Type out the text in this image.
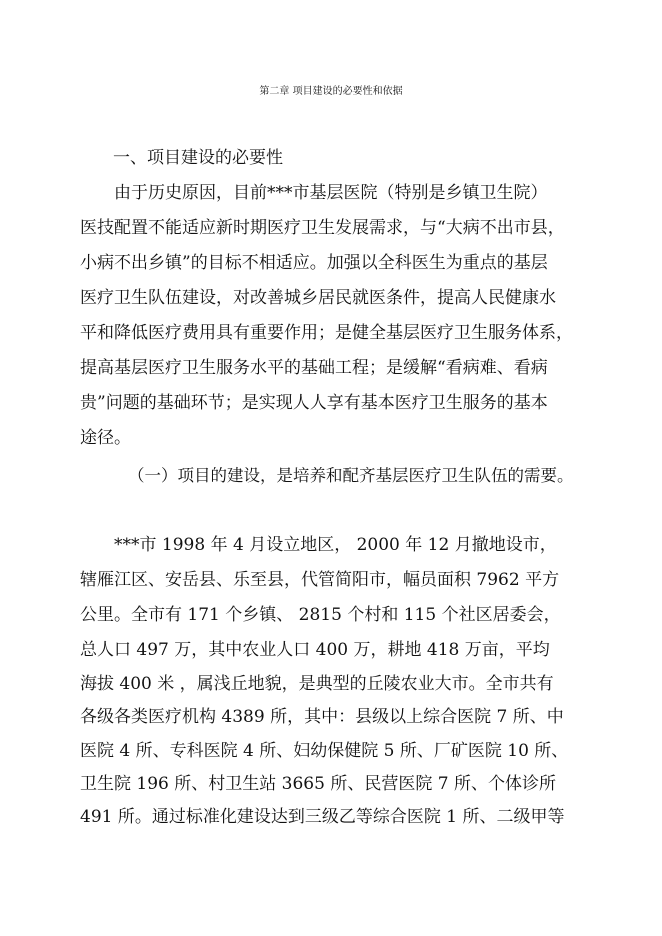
第二章 项目建设的必要性和依据
一、项目建设的必要性
由于历史原因，目前***市基层医院（特别是乡镇卫生院）
医技配置不能适应新时期医疗卫生发展需求，与“大病不出市县，
小病不出乡镇”的目标不相适应。加强以全科医生为重点的基层
医疗卫生队伍建设，对改善城乡居民就医条件，提高人民健康水
平和降低医疗费用具有重要作用；是健全基层医疗卫生服务体系，
提高基层医疗卫生服务水平的基础工程；是缓解“看病难、看病
贵”问题的基础环节；是实现人人享有基本医疗卫生服务的基本
途径。
（一）项目的建设，是培养和配齐基层医疗卫生队伍的需要。
***市 1998 年 4 月设立地区， 2000 年 12 月撤地设市，
辖雁江区、安岳县、乐至县，代管简阳市，幅员面积 7962 平方
公里。全市有 171 个乡镇、 2815 个村和 115 个社区居委会，
总人口 497 万，其中农业人口 400 万，耕地 418 万亩，平均
海拔 400 米 ，属浅丘地貌，是典型的丘陵农业大市。全市共有
各级各类医疗机构 4389 所，其中：县级以上综合医院 7 所、中
医院 4 所、专科医院 4 所、妇幼保健院 5 所、厂矿医院 10 所、
卫生院 196 所、村卫生站 3665 所、民营医院 7 所、个体诊所
491 所。通过标准化建设达到三级乙等综合医院 1 所、二级甲等
